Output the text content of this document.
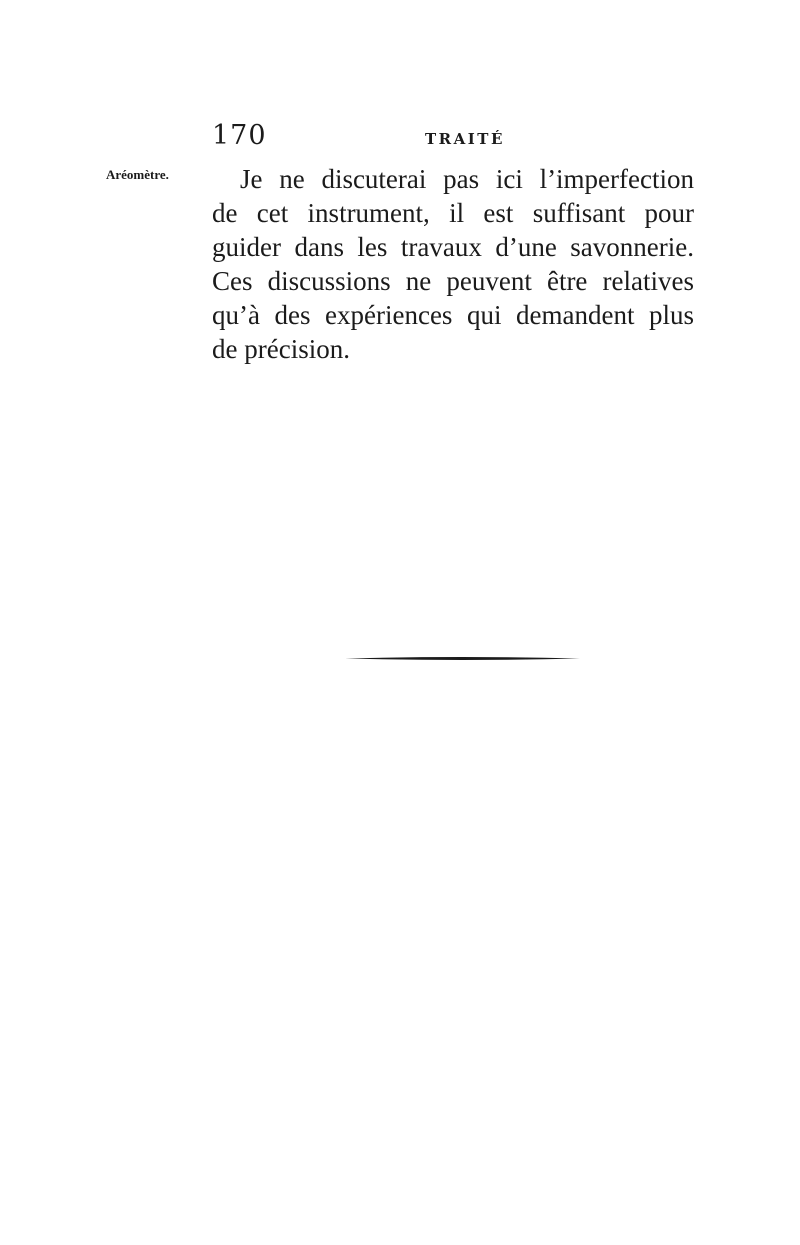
170	TRAITÉ
Aréomètre.	Je ne discuterai pas ici l’imperfection
de cet instrument, il est suffisant pour
guider dans les travaux d’une savonnerie.
Ces discussions ne peuvent être relatives
qu’à des expériences qui demandent plus
de précision.
